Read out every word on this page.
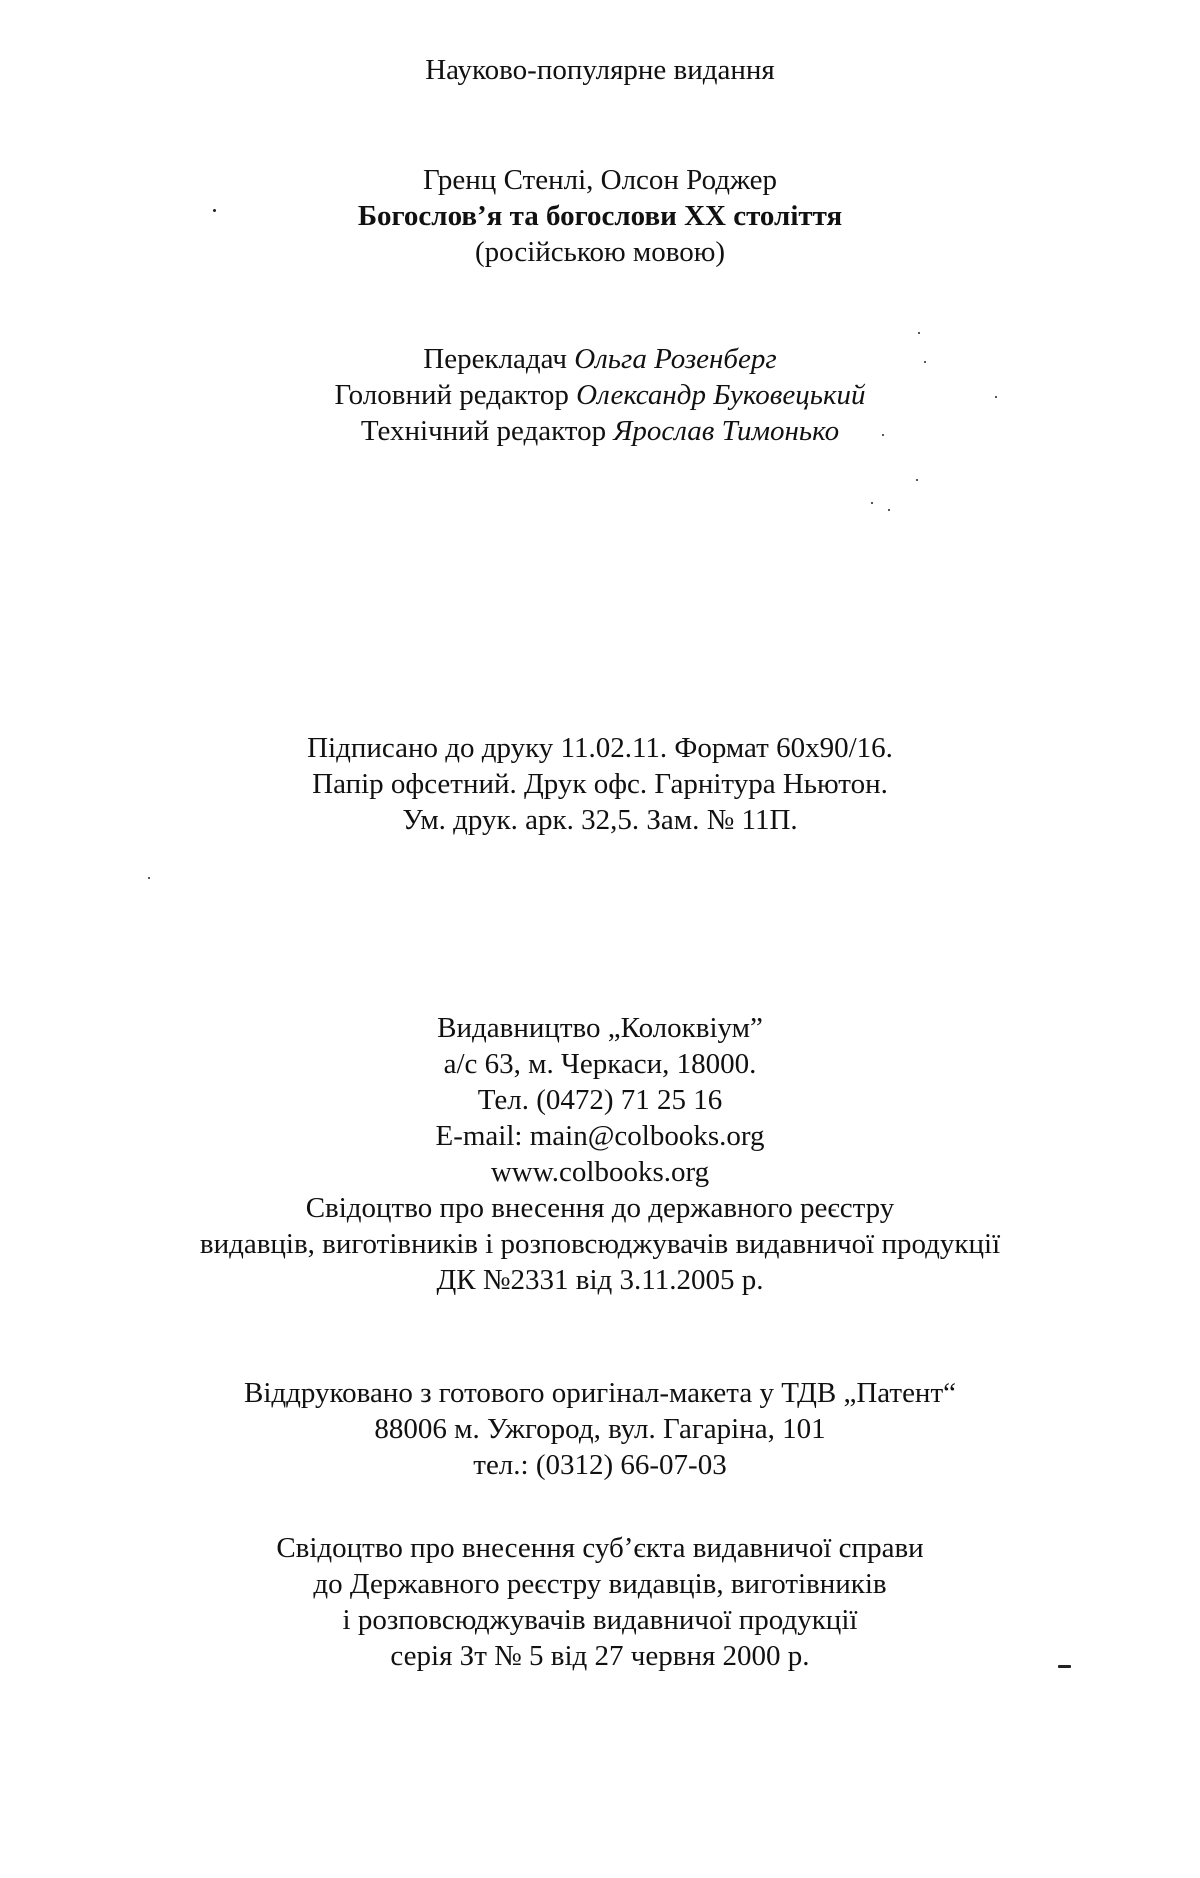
Науково-популярне видання
Гренц Стенлі, Олсон Роджер
Богослов’я та богослови XX століття
(російською мовою)
Перекладач Ольга Розенберг
Головний редактор Олександр Буковецький
Технічний редактор Ярослав Тимонько
Підписано до друку 11.02.11. Формат 60х90/16.
Папір офсетний. Друк офс. Гарнітура Ньютон.
Ум. друк. арк. 32,5. Зам. № 11П.
Видавництво „Колоквіум”
а/с 63, м. Черкаси, 18000.
Тел. (0472) 71 25 16
E-mail: main@colbooks.org
www.colbooks.org
Свідоцтво про внесення до державного реєстру
видавців, виготівників і розповсюджувачів видавничої продукції
ДК №2331 від 3.11.2005 р.
Віддруковано з готового оригінал-макета у ТДВ „Патент“
88006 м. Ужгород, вул. Гагаріна, 101
тел.: (0312) 66-07-03
Свідоцтво про внесення суб’єкта видавничої справи
до Державного реєстру видавців, виготівників
і розповсюджувачів видавничої продукції
серія Зт № 5 від 27 червня 2000 р.
